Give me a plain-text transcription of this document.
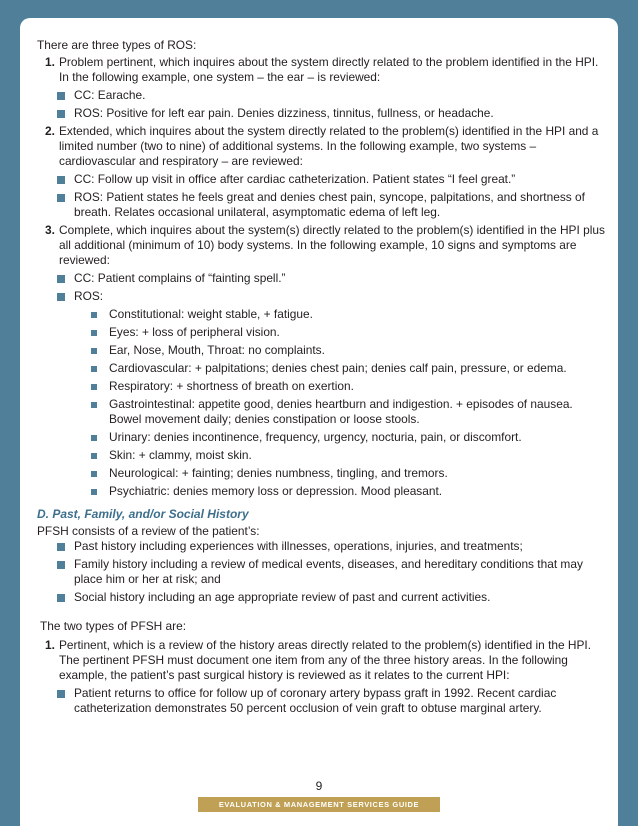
There are three types of ROS:

1. Problem pertinent, which inquires about the system directly related to the problem identified in the HPI. In the following example, one system – the ear – is reviewed:
CC: Earache.
ROS: Positive for left ear pain. Denies dizziness, tinnitus, fullness, or headache.
2. Extended, which inquires about the system directly related to the problem(s) identified in the HPI and a limited number (two to nine) of additional systems. In the following example, two systems – cardiovascular and respiratory – are reviewed:
CC: Follow up visit in office after cardiac catheterization. Patient states “I feel great.”
ROS: Patient states he feels great and denies chest pain, syncope, palpitations, and shortness of breath. Relates occasional unilateral, asymptomatic edema of left leg.
3. Complete, which inquires about the system(s) directly related to the problem(s) identified in the HPI plus all additional (minimum of 10) body systems. In the following example, 10 signs and symptoms are reviewed:
CC: Patient complains of “fainting spell.”
ROS:
Constitutional: weight stable, + fatigue.
Eyes: + loss of peripheral vision.
Ear, Nose, Mouth, Throat: no complaints.
Cardiovascular: + palpitations; denies chest pain; denies calf pain, pressure, or edema.
Respiratory: + shortness of breath on exertion.
Gastrointestinal: appetite good, denies heartburn and indigestion. + episodes of nausea. Bowel movement daily; denies constipation or loose stools.
Urinary: denies incontinence, frequency, urgency, nocturia, pain, or discomfort.
Skin: + clammy, moist skin.
Neurological: + fainting; denies numbness, tingling, and tremors.
Psychiatric: denies memory loss or depression. Mood pleasant.

D. Past, Family, and/or Social History

PFSH consists of a review of the patient’s:

Past history including experiences with illnesses, operations, injuries, and treatments;
Family history including a review of medical events, diseases, and hereditary conditions that may place him or her at risk; and
Social history including an age appropriate review of past and current activities.

The two types of PFSH are:

1. Pertinent, which is a review of the history areas directly related to the problem(s) identified in the HPI. The pertinent PFSH must document one item from any of the three history areas. In the following example, the patient’s past surgical history is reviewed as it relates to the current HPI:
Patient returns to office for follow up of coronary artery bypass graft in 1992. Recent cardiac catheterization demonstrates 50 percent occlusion of vein graft to obtuse marginal artery.
9
EVALUATION & MANAGEMENT SERVICES GUIDE
